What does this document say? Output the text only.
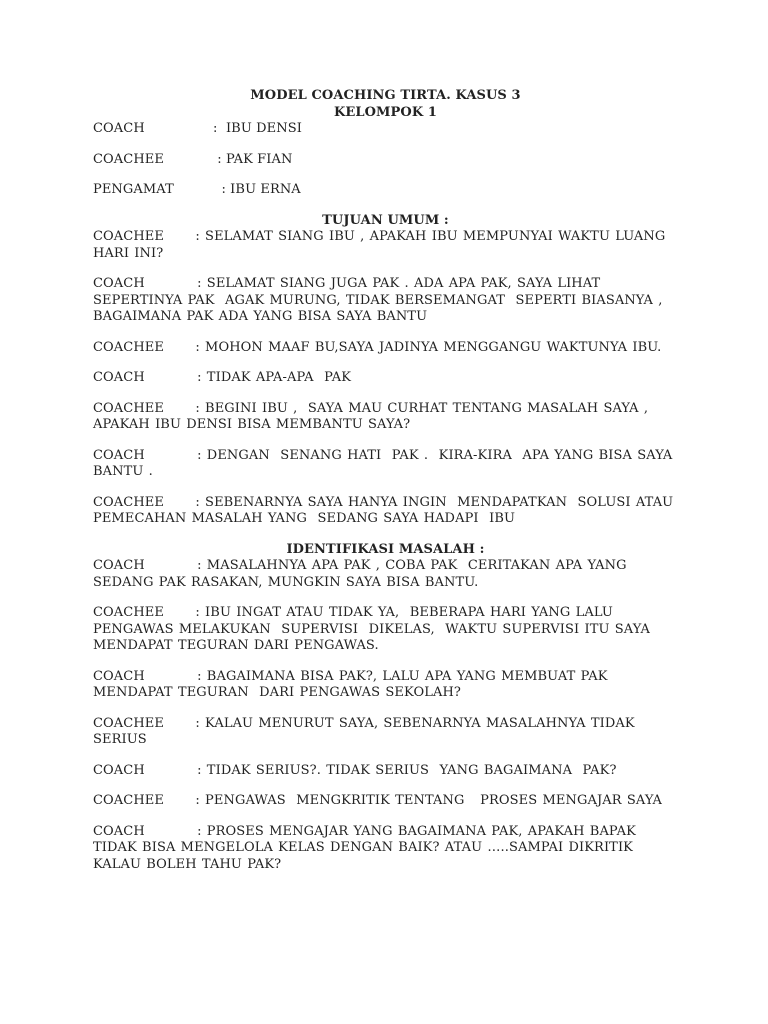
MODEL COACHING TIRTA. KASUS 3

KELOMPOK 1

COACH	:  IBU DENSI
COACHEE	: PAK FIAN
PENGAMAT	: IBU ERNA

TUJUAN UMUM :

COACHEE      : SELAMAT SIANG IBU , APAKAH IBU MEMPUNYAI WAKTU LUANG HARI INI?

COACH          : SELAMAT SIANG JUGA PAK . ADA APA PAK, SAYA LIHAT SEPERTINYA PAK  AGAK MURUNG, TIDAK BERSEMANGAT  SEPERTI BIASANYA , BAGAIMANA PAK ADA YANG BISA SAYA BANTU

COACHEE      : MOHON MAAF BU,SAYA JADINYA MENGGANGU WAKTUNYA IBU.

COACH          : TIDAK APA-APA  PAK

COACHEE      : BEGINI IBU ,  SAYA MAU CURHAT TENTANG MASALAH SAYA , APAKAH IBU DENSI BISA MEMBANTU SAYA?

COACH          : DENGAN  SENANG HATI  PAK .  KIRA-KIRA  APA YANG BISA SAYA BANTU .

COACHEE      : SEBENARNYA SAYA HANYA INGIN  MENDAPATKAN  SOLUSI ATAU PEMECAHAN MASALAH YANG  SEDANG SAYA HADAPI  IBU

IDENTIFIKASI MASALAH :

COACH          : MASALAHNYA APA PAK , COBA PAK  CERITAKAN APA YANG SEDANG PAK RASAKAN, MUNGKIN SAYA BISA BANTU.

COACHEE      : IBU INGAT ATAU TIDAK YA,  BEBERAPA HARI YANG LALU PENGAWAS MELAKUKAN  SUPERVISI  DIKELAS,  WAKTU SUPERVISI ITU SAYA MENDAPAT TEGURAN DARI PENGAWAS.

COACH          : BAGAIMANA BISA PAK?, LALU APA YANG MEMBUAT PAK MENDAPAT TEGURAN  DARI PENGAWAS SEKOLAH?

COACHEE      : KALAU MENURUT SAYA, SEBENARNYA MASALAHNYA TIDAK SERIUS

COACH          : TIDAK SERIUS?. TIDAK SERIUS  YANG BAGAIMANA  PAK?

COACHEE      : PENGAWAS  MENGKRITIK TENTANG   PROSES MENGAJAR SAYA

COACH          : PROSES MENGAJAR YANG BAGAIMANA PAK, APAKAH BAPAK TIDAK BISA MENGELOLA KELAS DENGAN BAIK? ATAU …..SAMPAI DIKRITIK KALAU BOLEH TAHU PAK?
